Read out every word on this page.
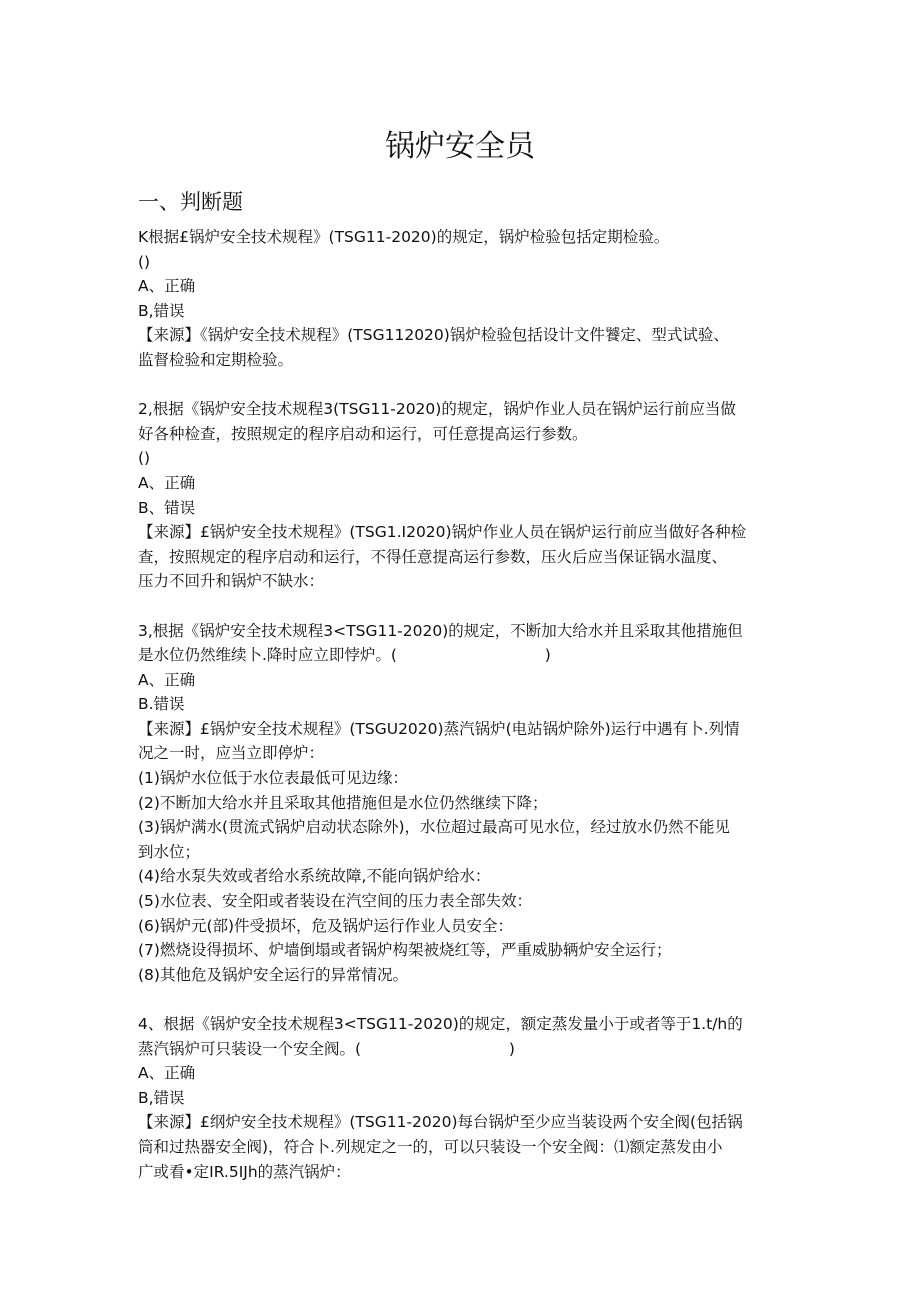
锅炉安全员
一、判断题

K根据£锅炉安全技术规程》(TSG11-2020)的规定，锅炉检验包括定期检验。

()

A、正确

B,错误

【来源】《锅炉安全技术规程》(TSG112020)锅炉检验包括设计文件饕定、型式试验、

监督检验和定期检验。

2,根据《锅炉安全技术规程3(TSG11-2020)的规定，锅炉作业人员在锅炉运行前应当做

好各种检查，按照规定的程序启动和运行，可任意提高运行参数。

()

A、正确

B、错误

【来源】£锅炉安全技术规程》(TSG1.I2020)锅炉作业人员在锅炉运行前应当做好各种检

查，按照规定的程序启动和运行，不得任意提高运行参数，压火后应当保证锅水温度、

压力不回升和锅炉不缺水：

3,根据《锅炉安全技术规程3<TSG11-2020)的规定，不断加大给水并且采取其他措施但

是水位仍然维续卜.降时应立即悖炉。(                              )

A、正确

B.错误

【来源】£锅炉安全技术规程》(TSGU2020)蒸汽锅炉(电站锅炉除外)运行中遇有卜.列情

况之一时，应当立即停炉：

(1)锅炉水位低于水位表最低可见边缘：

(2)不断加大给水并且采取其他措施但是水位仍然继续下降；

(3)锅炉满水(贯流式锅炉启动状态除外)，水位超过最高可见水位，经过放水仍然不能见

到水位；

(4)给水泵失效或者给水系统故障,不能向锅炉给水：

(5)水位表、安全阳或者装设在汽空间的压力表全部失效：

(6)锅炉元(部)件受损坏，危及锅炉运行作业人员安全：

(7)燃烧设得损坏、炉墙倒塌或者锅炉构架被烧红等，严重威胁辆炉安全运行；

(8)其他危及锅炉安全运行的异常情况。

4、根据《锅炉安全技术规程3<TSG11-2020)的规定，额定蒸发量小于或者等于1.t/h的

蒸汽锅炉可只装设一个安全阀。(                              )

A、正确

B,错误

【来源】£纲炉安全技术规程》(TSG11-2020)每台锅炉至少应当装设两个安全阀(包括锅

筒和过热器安全阀)，符合卜.列规定之一的，可以只装设一个安全阀：⑴额定蒸发由小

广或看•定IR.5IJh的蒸汽锅炉：
